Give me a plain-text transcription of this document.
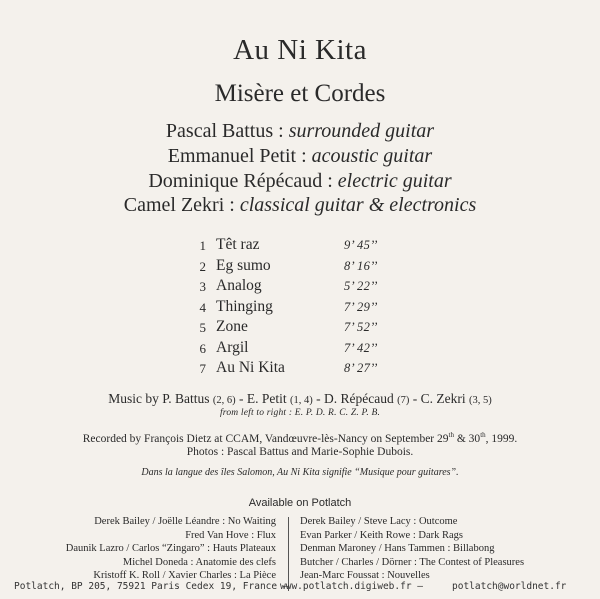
Au Ni Kita
Misère et Cordes
Pascal Battus : surrounded guitar
Emmanuel Petit : acoustic guitar
Dominique Répécaud : electric guitar
Camel Zekri : classical guitar & electronics
1 Têt raz	9’ 45’’
2 Eg sumo	8’ 16’’
3 Analog	5’ 22’’
4 Thinging	7’ 29’’
5 Zone	7’ 52’’
6 Argil	7’ 42’’
7 Au Ni Kita	8’ 27’’
Music by P. Battus (2, 6) - E. Petit (1, 4) - D. Répécaud (7) - C. Zekri (3, 5)
from left to right : E. P. D. R. C. Z. P. B.
Recorded by François Dietz at CCAM, Vandœuvre-lès-Nancy on September 29th & 30th, 1999.
Photos : Pascal Battus and Marie-Sophie Dubois.
Dans la langue des îles Salomon, Au Ni Kita signifie “Musique pour guitares”.
Available on Potlatch
Derek Bailey / Joëlle Léandre : No Waiting
Fred Van Hove : Flux
Daunik Lazro / Carlos “Zingaro” : Hauts Plateaux
Michel Doneda : Anatomie des clefs
Kristoff K. Roll / Xavier Charles : La Pièce
Derek Bailey / Steve Lacy : Outcome
Evan Parker / Keith Rowe : Dark Rags
Denman Maroney / Hans Tammen : Billabong
Butcher / Charles / Dörner : The Contest of Pleasures
Jean-Marc Foussat : Nouvelles
Potlatch, BP 205, 75921 Paris Cedex 19, France —
www.potlatch.digiweb.fr —	potlatch@worldnet.fr
